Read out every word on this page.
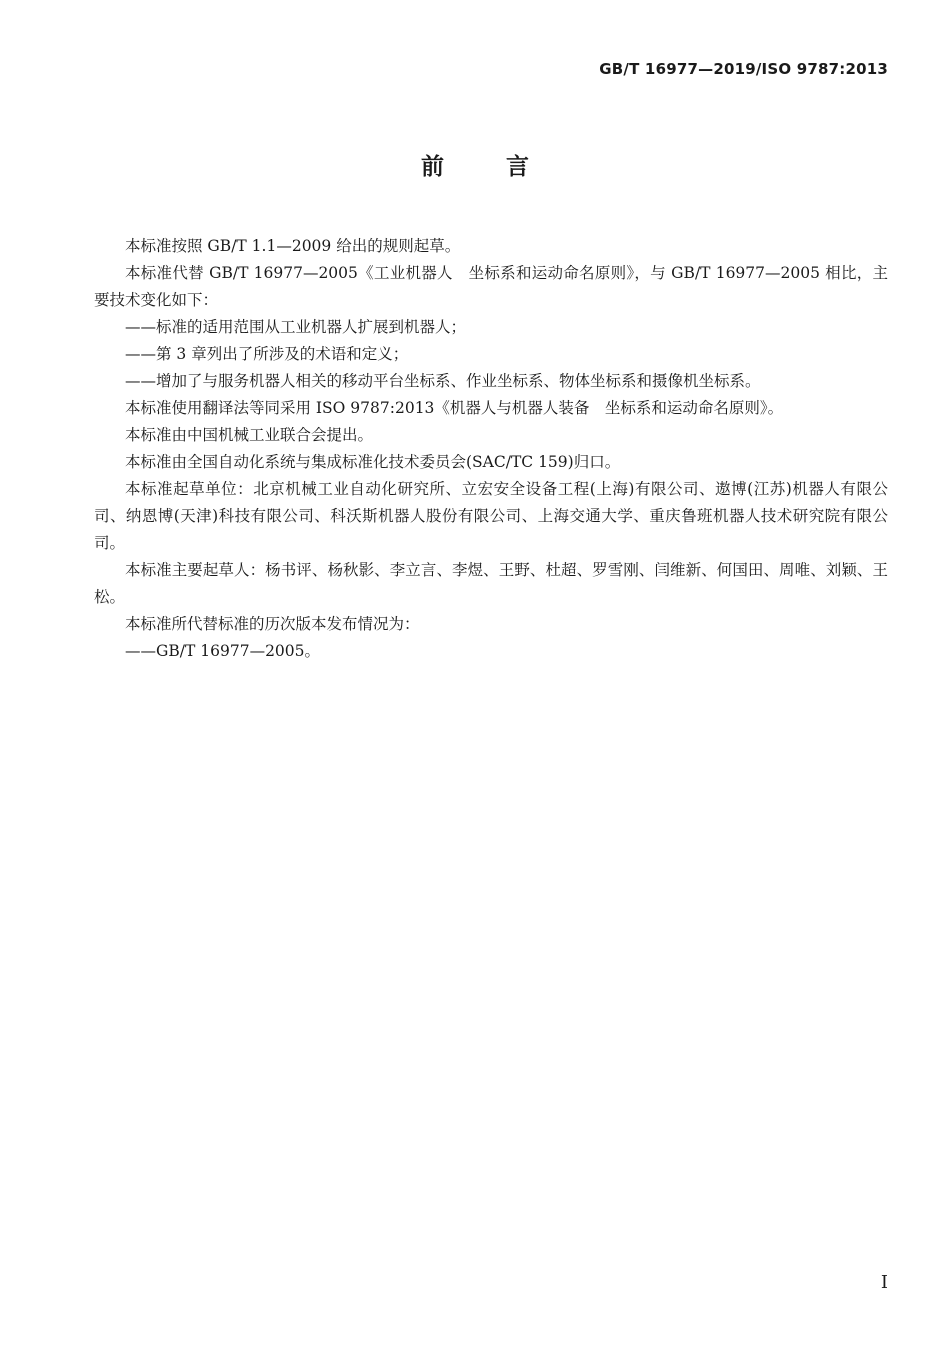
GB/T 16977—2019/ISO 9787:2013
前言

本标准按照 GB/T 1.1—2009 给出的规则起草。

本标准代替 GB/T 16977—2005《工业机器人　坐标系和运动命名原则》，与 GB/T 16977—2005 相比，主要技术变化如下：

——标准的适用范围从工业机器人扩展到机器人；

——第 3 章列出了所涉及的术语和定义；

——增加了与服务机器人相关的移动平台坐标系、作业坐标系、物体坐标系和摄像机坐标系。

本标准使用翻译法等同采用 ISO 9787:2013《机器人与机器人装备　坐标系和运动命名原则》。

本标准由中国机械工业联合会提出。

本标准由全国自动化系统与集成标准化技术委员会(SAC/TC 159)归口。

本标准起草单位：北京机械工业自动化研究所、立宏安全设备工程(上海)有限公司、遨博(江苏)机器人有限公司、纳恩博(天津)科技有限公司、科沃斯机器人股份有限公司、上海交通大学、重庆鲁班机器人技术研究院有限公司。

本标准主要起草人：杨书评、杨秋影、李立言、李煜、王野、杜超、罗雪刚、闫维新、何国田、周唯、刘颖、王松。

本标准所代替标准的历次版本发布情况为：

——GB/T 16977—2005。

I
